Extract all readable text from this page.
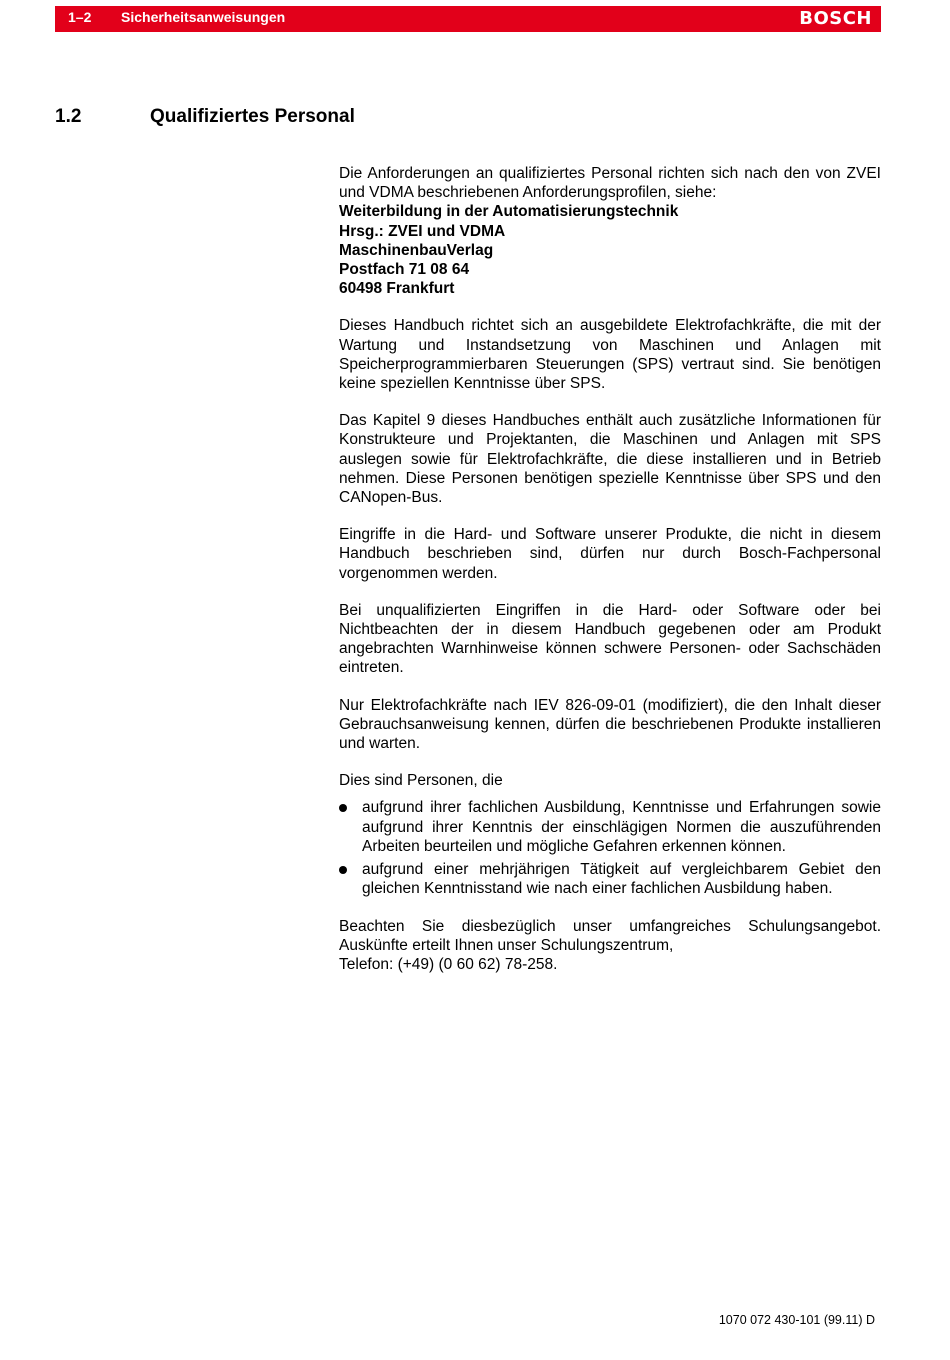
1–2 Sicherheitsanweisungen	BOSCH
1.2	Qualifiziertes Personal

Die Anforderungen an qualifiziertes Personal richten sich nach den von ZVEI und VDMA beschriebenen Anforderungsprofilen, siehe:
Weiterbildung in der Automatisierungstechnik
Hrsg.: ZVEI und VDMA
MaschinenbauVerlag
Postfach 71 08 64
60498 Frankfurt

Dieses Handbuch richtet sich an ausgebildete Elektrofachkräfte, die mit der Wartung und Instandsetzung von Maschinen und Anlagen mit Speicherprogrammierbaren Steuerungen (SPS) vertraut sind. Sie benötigen keine speziellen Kenntnisse über SPS.

Das Kapitel 9 dieses Handbuches enthält auch zusätzliche Informationen für Konstrukteure und Projektanten, die Maschinen und Anlagen mit SPS auslegen sowie für Elektrofachkräfte, die diese installieren und in Betrieb nehmen. Diese Personen benötigen spezielle Kenntnisse über SPS und den CANopen-Bus.

Eingriffe in die Hard- und Software unserer Produkte, die nicht in diesem Handbuch beschrieben sind, dürfen nur durch Bosch-Fachpersonal vorgenommen werden.

Bei unqualifizierten Eingriffen in die Hard- oder Software oder bei Nichtbeachten der in diesem Handbuch gegebenen oder am Produkt angebrachten Warnhinweise können schwere Personen- oder Sachschäden eintreten.

Nur Elektrofachkräfte nach IEV 826-09-01 (modifiziert), die den Inhalt dieser Gebrauchsanweisung kennen, dürfen die beschriebenen Produkte installieren und warten.

Dies sind Personen, die

aufgrund ihrer fachlichen Ausbildung, Kenntnisse und Erfahrungen sowie aufgrund ihrer Kenntnis der einschlägigen Normen die auszuführenden Arbeiten beurteilen und mögliche Gefahren erkennen können.
aufgrund einer mehrjährigen Tätigkeit auf vergleichbarem Gebiet den gleichen Kenntnisstand wie nach einer fachlichen Ausbildung haben.

Beachten Sie diesbezüglich unser umfangreiches Schulungsangebot. Auskünfte erteilt Ihnen unser Schulungszentrum,
Telefon: (+49) (0 60 62) 78-258.

1070 072 430-101 (99.11) D
